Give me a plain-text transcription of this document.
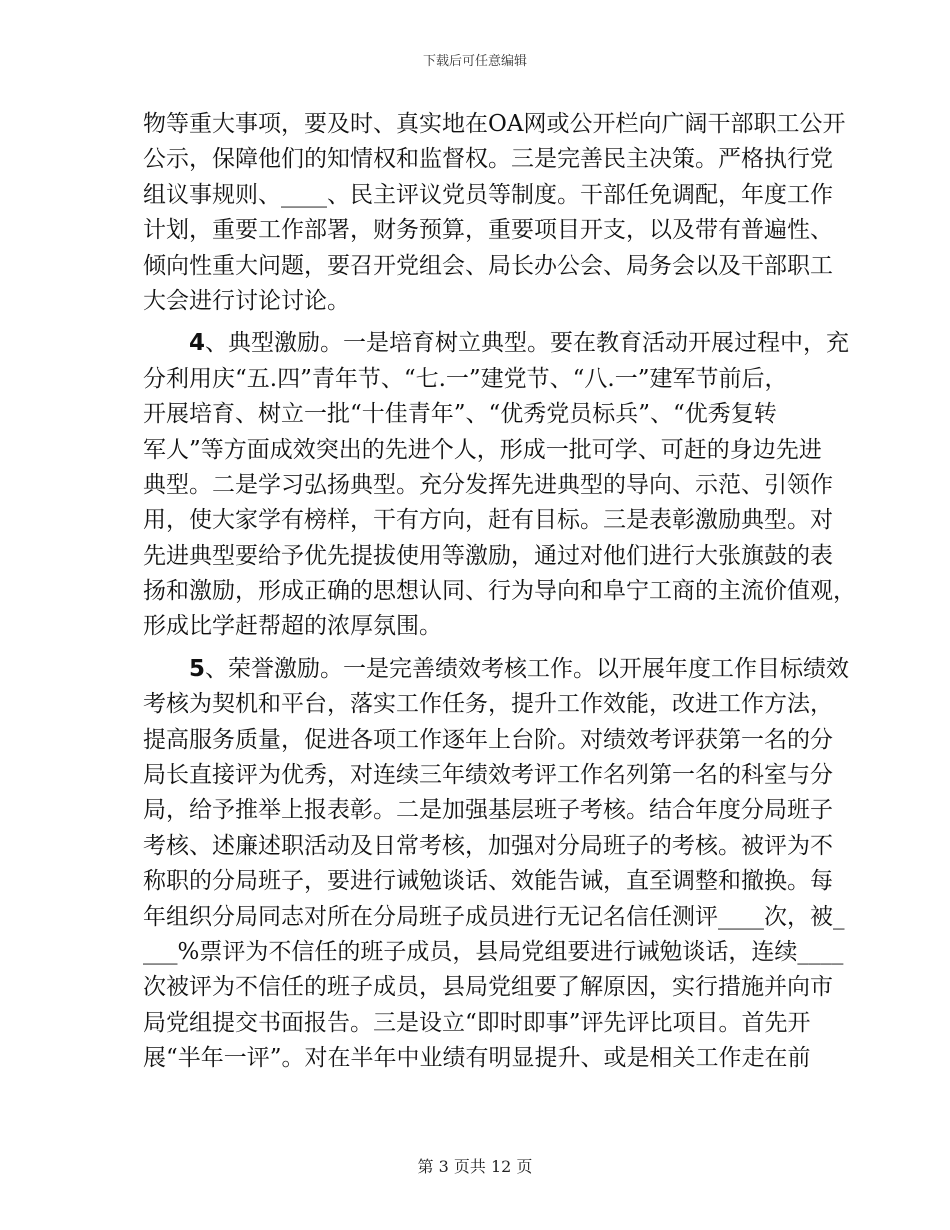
下载后可任意编辑
物等重大事项，要及时、真实地在OA网或公开栏向广阔干部职工公开
公示，保障他们的知情权和监督权。三是完善民主决策。严格执行党
组议事规则、____、民主评议党员等制度。干部任免调配，年度工作
计划，重要工作部署，财务预算，重要项目开支，以及带有普遍性、
倾向性重大问题，要召开党组会、局长办公会、局务会以及干部职工
大会进行讨论讨论。
4、典型激励。一是培育树立典型。要在教育活动开展过程中，充
分利用庆“五.四”青年节、“七.一”建党节、“八.一”建军节前后，
开展培育、树立一批“十佳青年”、“优秀党员标兵”、“优秀复转
军人”等方面成效突出的先进个人，形成一批可学、可赶的身边先进
典型。二是学习弘扬典型。充分发挥先进典型的导向、示范、引领作
用，使大家学有榜样，干有方向，赶有目标。三是表彰激励典型。对
先进典型要给予优先提拔使用等激励，通过对他们进行大张旗鼓的表
扬和激励，形成正确的思想认同、行为导向和阜宁工商的主流价值观，
形成比学赶帮超的浓厚氛围。
5、荣誉激励。一是完善绩效考核工作。以开展年度工作目标绩效
考核为契机和平台，落实工作任务，提升工作效能，改进工作方法，
提高服务质量，促进各项工作逐年上台阶。对绩效考评获第一名的分
局长直接评为优秀，对连续三年绩效考评工作名列第一名的科室与分
局，给予推举上报表彰。二是加强基层班子考核。结合年度分局班子
考核、述廉述职活动及日常考核，加强对分局班子的考核。被评为不
称职的分局班子，要进行诫勉谈话、效能告诫，直至调整和撤换。每
年组织分局同志对所在分局班子成员进行无记名信任测评____次，被_
___%票评为不信任的班子成员，县局党组要进行诫勉谈话，连续____
次被评为不信任的班子成员，县局党组要了解原因，实行措施并向市
局党组提交书面报告。三是设立“即时即事”评先评比项目。首先开
展“半年一评”。对在半年中业绩有明显提升、或是相关工作走在前
第 3 页共 12 页
